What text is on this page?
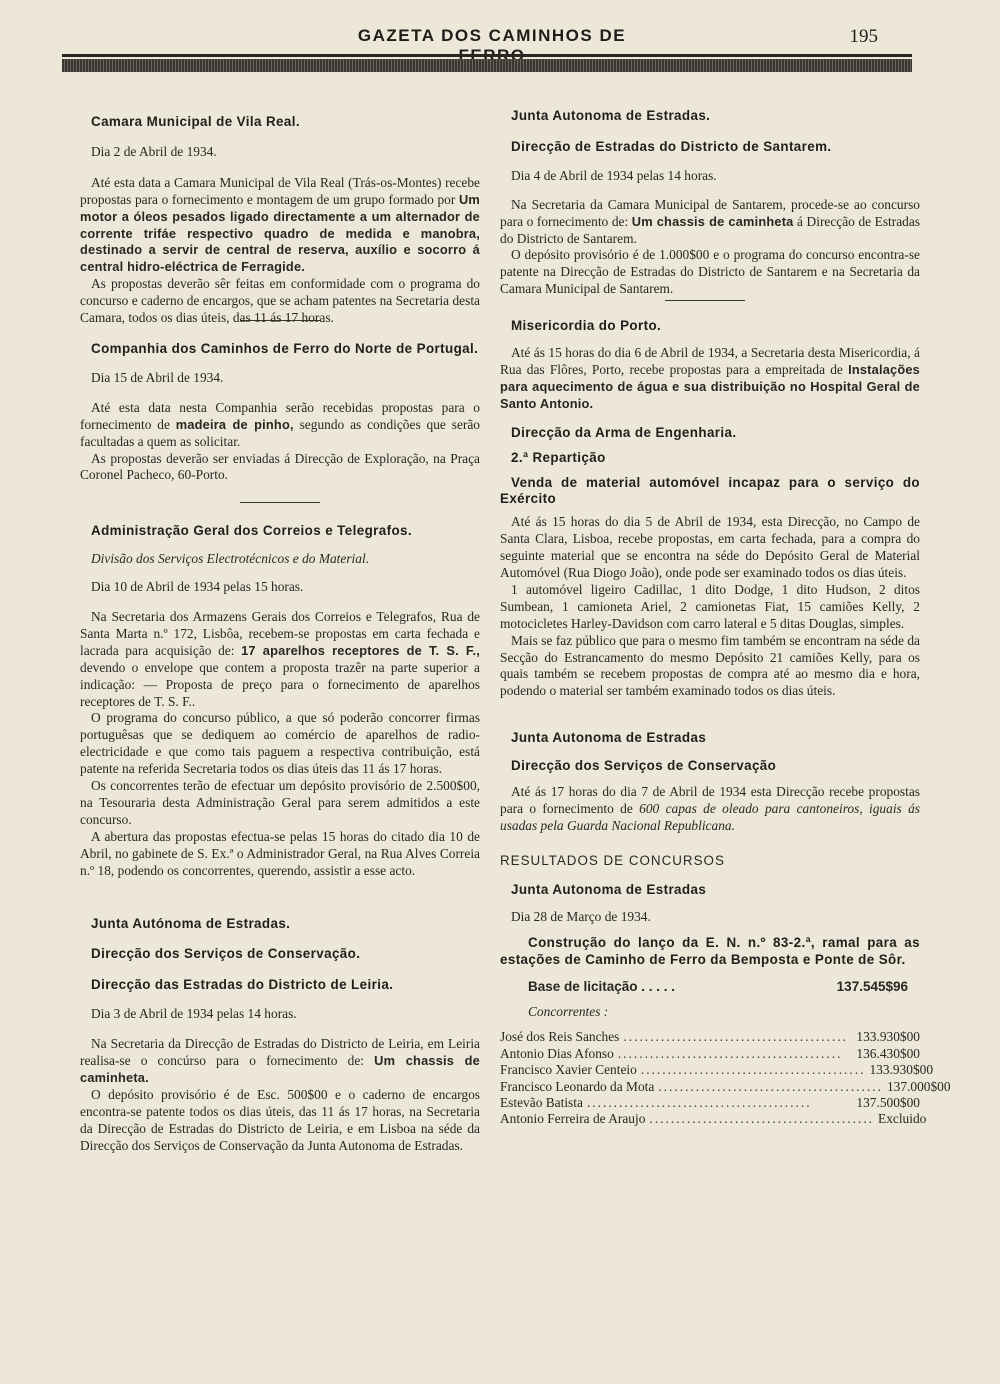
GAZETA DOS CAMINHOS DE	195

Camara Municipal de Vila Real.

Dia 2 de Abril de 1934.

Até esta data a Camara Municipal de Vila Real (Trás-os-Montes) recebe propostas para o fornecimento e montagem de um grupo formado por Um motor a óleos pesados ligado directamente a um alternador de corrente trifáe respectivo quadro de medida e manobra, destinado a servir de central de reserva, auxílio e socorro á central hidro-eléctrica de Ferragide.

As propostas deverão sêr feitas em conformidade com o programa do concurso e caderno de encargos, que se acham patentes na Secretaria desta Camara, todos os dias úteis, das 11 ás 17 horas.

Companhia dos Caminhos de Ferro do Norte de Portugal.

Dia 15 de Abril de 1934.

Até esta data nesta Companhia serão recebidas propostas para o fornecimento de madeira de pinho, segundo as condições que serão facultadas a quem as solicitar.

As propostas deverão ser enviadas á Direcção de Exploração, na Praça Coronel Pacheco, 60-Porto.

Administração Geral dos Correios e Telegrafos.

Divisão dos Serviços Electrotécnicos e do Material.

Dia 10 de Abril de 1934 pelas 15 horas.

Na Secretaria dos Armazens Gerais dos Correios e Telegrafos, Rua de Santa Marta n.º 172, Lisbôa, recebem-se propostas em carta fechada e lacrada para acquisição de: 17 aparelhos receptores de T. S. F., devendo o envelope que contem a proposta trazêr na parte superior a indicação: — Proposta de preço para o fornecimento de aparelhos receptores de T. S. F..

O programa do concurso público, a que só poderão concorrer firmas portuguêsas que se dediquem ao comércio de aparelhos de radio-electricidade e que como tais paguem a respectiva contribuição, está patente na referida Secretaria todos os dias úteis das 11 ás 17 horas.

Os concorrentes terão de efectuar um depósito provisório de 2.500$00, na Tesouraria desta Administração Geral para serem admitidos a este concurso.

A abertura das propostas efectua-se pelas 15 horas do citado dia 10 de Abril, no gabinete de S. Ex.ª o Administrador Geral, na Rua Alves Correia n.º 18, podendo os concorrentes, querendo, assistir a esse acto.

Junta Autónoma de Estradas.

Direcção dos Serviços de Conservação.

Direcção das Estradas do Districto de Leiria.

Dia 3 de Abril de 1934 pelas 14 horas.

Na Secretaria da Direcção de Estradas do Districto de Leiria, em Leiria realisa-se o concúrso para o fornecimento de: Um chassis de caminheta.

O depósito provisório é de Esc. 500$00 e o caderno de encargos encontra-se patente todos os dias úteis, das 11 ás 17 horas, na Secretaria da Direcção de Estradas do Districto de Leiria, e em Lisboa na séde da Direcção dos Serviços de Conservação da Junta Autonoma de Estradas.

Junta Autonoma de Estradas.

Direcção de Estradas do Districto de Santarem.

Dia 4 de Abril de 1934 pelas 14 horas.

Na Secretaria da Camara Municipal de Santarem, procede-se ao concurso para o fornecimento de: Um chassis de caminheta á Direcção de Estradas do Districto de Santarem.

O depósito provisório é de 1.000$00 e o programa do concurso encontra-se patente na Direcção de Estradas do Districto de Santarem e na Secretaria da Camara Municipal de Santarem.

Misericordia do Porto.

Até ás 15 horas do dia 6 de Abril de 1934, a Secretaria desta Misericordia, á Rua das Flôres, Porto, recebe propostas para a empreitada de Instalações para aquecimento de água e sua distribuição no Hospital Geral de Santo Antonio.

Direcção da Arma de Engenharia.

2.ª Repartição

Venda de material automóvel incapaz para o serviço do Exército

Até ás 15 horas do dia 5 de Abril de 1934, esta Direcção, no Campo de Santa Clara, Lisboa, recebe propostas, em carta fechada, para a compra do seguinte material que se encontra na séde do Depósito Geral de Material Automóvel (Rua Diogo João), onde pode ser examinado todos os dias úteis.

1 automóvel ligeiro Cadillac, 1 dito Dodge, 1 dito Hudson, 2 ditos Sumbean, 1 camioneta Ariel, 2 camionetas Fiat, 15 camiões Kelly, 2 motocicletes Harley-Davidson com carro lateral e 5 ditas Douglas, simples.

Mais se faz público que para o mesmo fim também se encontram na séde da Secção do Estrancamento do mesmo Depósito 21 camiões Kelly, para os quais também se recebem propostas de compra até ao mesmo dia e hora, podendo o material ser também examinado todos os dias úteis.

Junta Autonoma de Estradas

Direcção dos Serviços de Conservação

Até ás 17 horas do dia 7 de Abril de 1934 esta Direcção recebe propostas para o fornecimento de 600 capas de oleado para cantoneiros, iguais ás usadas pela Guarda Nacional Republicana.

RESULTADOS DE CONCURSOS

Junta Autonoma de Estradas

Dia 28 de Março de 1934.

Construção do lanço da E. N. n.º 83-2.ª, ramal para as estações de Caminho de Ferro da Bemposta e Ponte de Sôr.

Base de licitação . . . . .	137.545$96

Concorrentes :

José dos Reis Sanches .......................................... 133.930$00
Antonio Dias Afonso ..........................................	136.430$00
Francisco Xavier Centeio .......................................... 133.930$00
Francisco Leonardo da Mota .......................................... 137.000$00
Estevão Batista ..........................................	137.500$00
Antonio Ferreira de Araujo .......................................... Excluido
